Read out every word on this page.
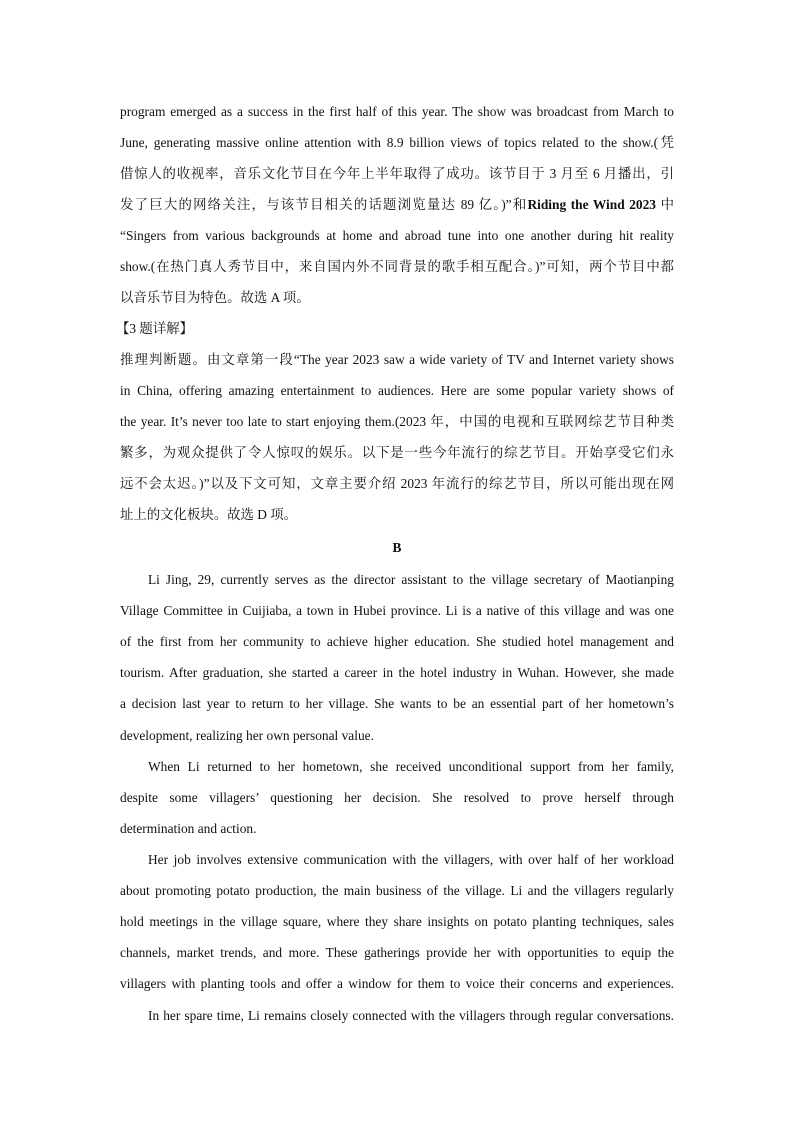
program emerged as a success in the first half of this year. The show was broadcast from March to
June, generating massive online attention with 8.9 billion views of topics related to the show.(凭
借惊人的收视率，音乐文化节目在今年上半年取得了成功。该节目于 3 月至 6 月播出，引
发了巨大的网络关注，与该节目相关的话题浏览量达 89 亿。)”和Riding the Wind 2023 中
“Singers from various backgrounds at home and abroad tune into one another during hit reality
show.(在热门真人秀节目中，来自国内外不同背景的歌手相互配合。)”可知，两个节目中都
以音乐节目为特色。故选 A 项。
【3 题详解】
推理判断题。由文章第一段“The year 2023 saw a wide variety of TV and Internet variety shows
in China, offering amazing entertainment to audiences. Here are some popular variety shows of
the year. It’s never too late to start enjoying them.(2023 年，中国的电视和互联网综艺节目种类
繁多，为观众提供了令人惊叹的娱乐。以下是一些今年流行的综艺节目。开始享受它们永
远不会太迟。)”以及下文可知，文章主要介绍 2023 年流行的综艺节目，所以可能出现在网
址上的文化板块。故选 D 项。
B
Li Jing, 29, currently serves as the director assistant to the village secretary of Maotianping
Village Committee in Cuijiaba, a town in Hubei province. Li is a native of this village and was one
of the first from her community to achieve higher education. She studied hotel management and
tourism. After graduation, she started a career in the hotel industry in Wuhan. However, she made
a decision last year to return to her village. She wants to be an essential part of her hometown’s
development, realizing her own personal value.
When Li returned to her hometown, she received unconditional support from her family,
despite some villagers’ questioning her decision. She resolved to prove herself through
determination and action.
Her job involves extensive communication with the villagers, with over half of her workload
about promoting potato production, the main business of the village. Li and the villagers regularly
hold meetings in the village square, where they share insights on potato planting techniques, sales
channels, market trends, and more. These gatherings provide her with opportunities to equip the
villagers with planting tools and offer a window for them to voice their concerns and experiences.
In her spare time, Li remains closely connected with the villagers through regular conversations.
